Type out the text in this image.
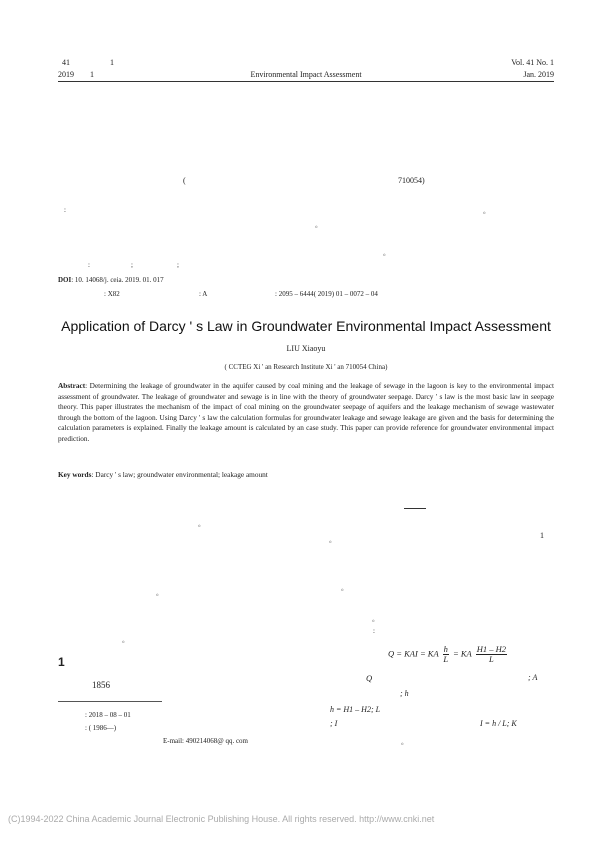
41	1
2019 1	Environmental Impact Assessment
Vol. 41 No. 1
Jan. 2019
(	710054)
:	。
。
。
:	;	;
DOI: 10. 14068/j. ceia. 2019. 01. 017
: X82	: A	: 2095 – 6444( 2019) 01 – 0072 – 04
Application of Darcy ' s Law in Groundwater Environmental Impact Assessment
LIU Xiaoyu
( CCTEG Xi ' an Research Institute Xi ' an 710054 China)
Abstract: Determining the leakage of groundwater in the aquifer caused by coal mining and the leakage of sewage in the lagoon is key to the environmental impact assessment of groundwater. The leakage of groundwater and sewage is in line with the theory of groundwater seepage. Darcy ' s law is the most basic law in seepage theory. This paper illustrates the mechanism of the impact of coal mining on the groundwater seepage of aquifers and the leakage mechanism of sewage wastewater through the bottom of the lagoon. Using Darcy ' s law the calculation formulas for groundwater leakage and sewage leakage are given and the basis for determining the calculation parameters is explained. Finally the leakage amount is calculated by an case study. This paper can provide reference for groundwater environmental impact prediction.
Key words: Darcy ' s law; groundwater environmental; leakage amount
。
。
。
1
1856
: 2018 – 08 – 01
: ( 1986—)
E-mail: 490214068@ qq. com
。	1
。
。
:
Q = KAI = KA $\frac{h}{L}$ = KA $\frac{H1 - H2}{L}$
Q	; A
; h
h = H1 – H2; L
; I	I = h / L; K
。
(C)1994-2022 China Academic Journal Electronic Publishing House. All rights reserved. http://www.cnki.net
